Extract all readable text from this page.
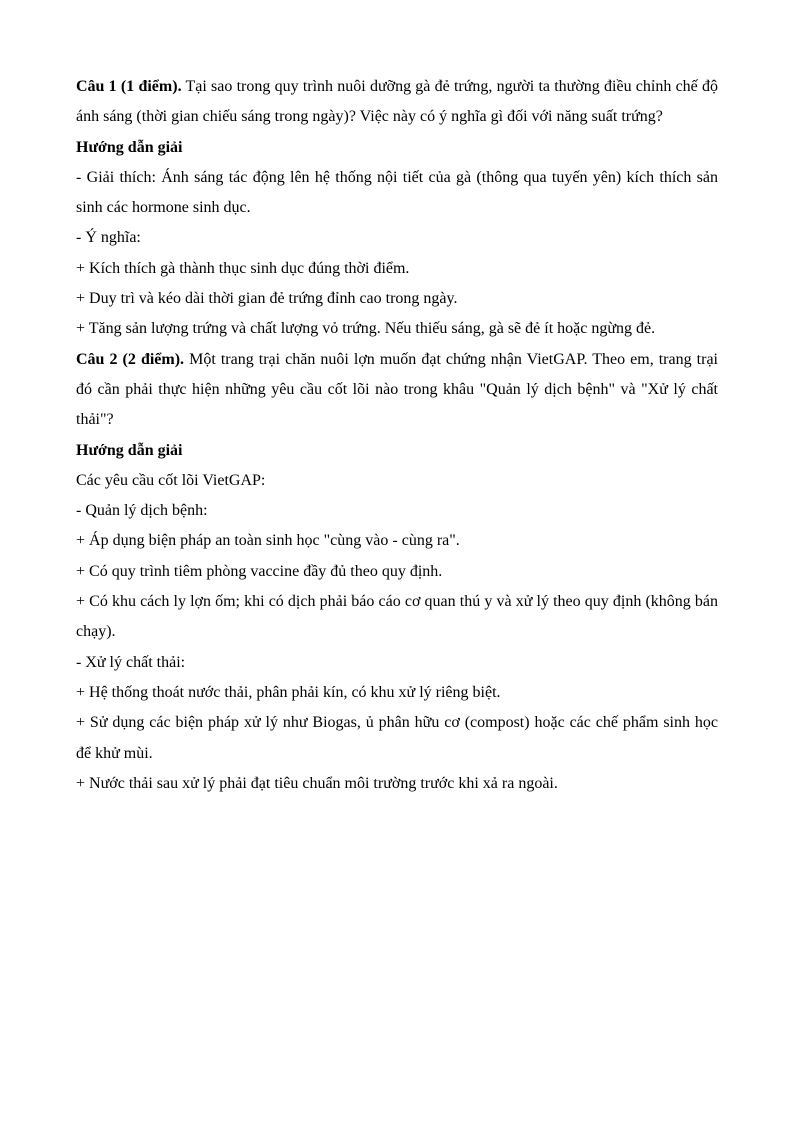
Câu 1 (1 điểm). Tại sao trong quy trình nuôi dưỡng gà đẻ trứng, người ta thường điều chỉnh chế độ ánh sáng (thời gian chiếu sáng trong ngày)? Việc này có ý nghĩa gì đối với năng suất trứng?

Hướng dẫn giải

- Giải thích: Ánh sáng tác động lên hệ thống nội tiết của gà (thông qua tuyến yên) kích thích sản sinh các hormone sinh dục.

- Ý nghĩa:

+ Kích thích gà thành thục sinh dục đúng thời điểm.

+ Duy trì và kéo dài thời gian đẻ trứng đỉnh cao trong ngày.

+ Tăng sản lượng trứng và chất lượng vỏ trứng. Nếu thiếu sáng, gà sẽ đẻ ít hoặc ngừng đẻ.

Câu 2 (2 điểm). Một trang trại chăn nuôi lợn muốn đạt chứng nhận VietGAP. Theo em, trang trại đó cần phải thực hiện những yêu cầu cốt lõi nào trong khâu "Quản lý dịch bệnh" và "Xử lý chất thải"?

Hướng dẫn giải

Các yêu cầu cốt lõi VietGAP:

- Quản lý dịch bệnh:

+ Áp dụng biện pháp an toàn sinh học "cùng vào - cùng ra".

+ Có quy trình tiêm phòng vaccine đầy đủ theo quy định.

+ Có khu cách ly lợn ốm; khi có dịch phải báo cáo cơ quan thú y và xử lý theo quy định (không bán chạy).

- Xử lý chất thải:

+ Hệ thống thoát nước thải, phân phải kín, có khu xử lý riêng biệt.

+ Sử dụng các biện pháp xử lý như Biogas, ủ phân hữu cơ (compost) hoặc các chế phẩm sinh học để khử mùi.

+ Nước thải sau xử lý phải đạt tiêu chuẩn môi trường trước khi xả ra ngoài.
